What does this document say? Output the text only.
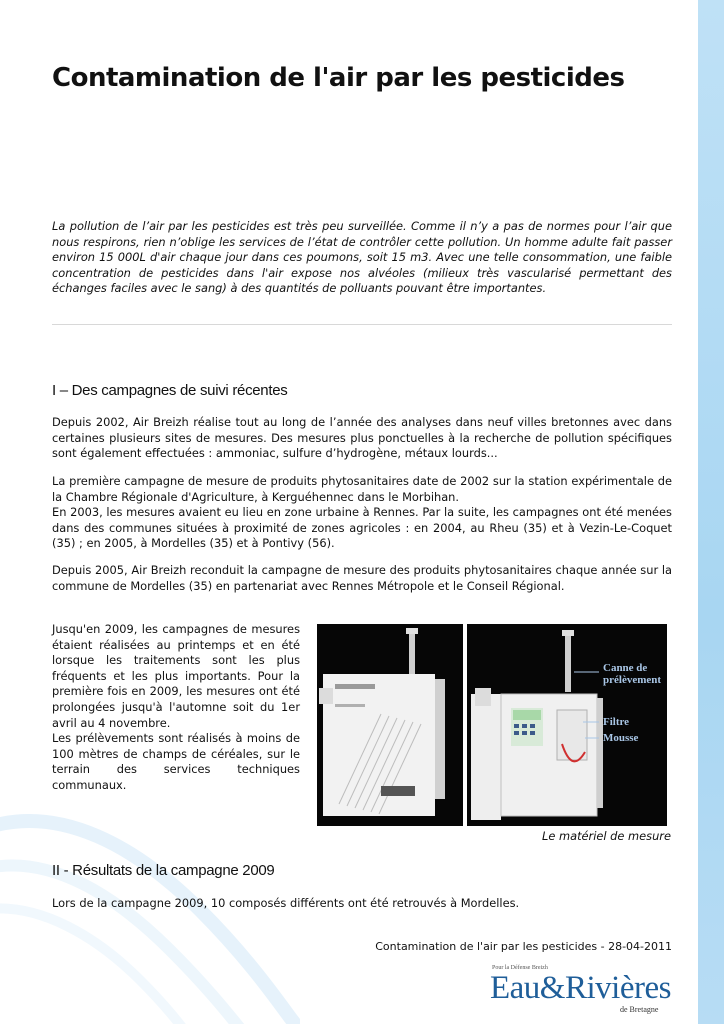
Contamination de l'air par les pesticides

La pollution de l’air par les pesticides est très peu surveillée. Comme il n’y a pas de normes pour l’air que nous respirons, rien n’oblige les services de l’état de contrôler cette pollution. Un homme adulte fait passer environ 15 000L d'air chaque jour dans ces poumons, soit 15 m3. Avec une telle consommation, une faible concentration de pesticides dans l'air expose nos alvéoles (milieux très vascularisé permettant des échanges faciles avec le sang) à des quantités de polluants pouvant être importantes.

I – Des campagnes de suivi récentes

Depuis 2002, Air Breizh réalise tout au long de l’année des analyses dans neuf villes bretonnes avec dans certaines plusieurs sites de mesures. Des mesures plus ponctuelles à la recherche de pollution spécifiques sont également effectuées : ammoniac, sulfure d’hydrogène, métaux lourds...

La première campagne de mesure de produits phytosanitaires date de 2002 sur la station expérimentale de la Chambre Régionale d'Agriculture, à Kerguéhennec dans le Morbihan.

En 2003, les mesures avaient eu lieu en zone urbaine à Rennes. Par la suite, les campagnes ont été menées dans des communes situées à proximité de zones agricoles : en 2004, au Rheu (35) et à Vezin-Le-Coquet (35) ; en 2005, à Mordelles (35) et à Pontivy (56).

Depuis 2005, Air Breizh reconduit la campagne de mesure des produits phytosanitaires chaque année sur la commune de Mordelles (35) en partenariat avec Rennes Métropole et le Conseil Régional.

Jusqu'en 2009, les campagnes de mesures étaient réalisées au printemps et en été lorsque les traitements sont les plus fréquents et les plus importants. Pour la première fois en 2009, les mesures ont été prolongées jusqu'à l'automne soit du 1er avril au 4 novembre.
Les prélèvements sont réalisés à moins de 100 mètres de champs de céréales, sur le terrain des services techniques communaux.
Canne de
prélèvement
Filtre
Mousse

Le matériel de mesure

II - Résultats de la campagne 2009

Lors de la campagne 2009, 10 composés différents ont été retrouvés à Mordelles.

Contamination de l'air par les pesticides - 28-04-2011

Pour la Défense Breizh
Eau&Rivières
de Bretagne
